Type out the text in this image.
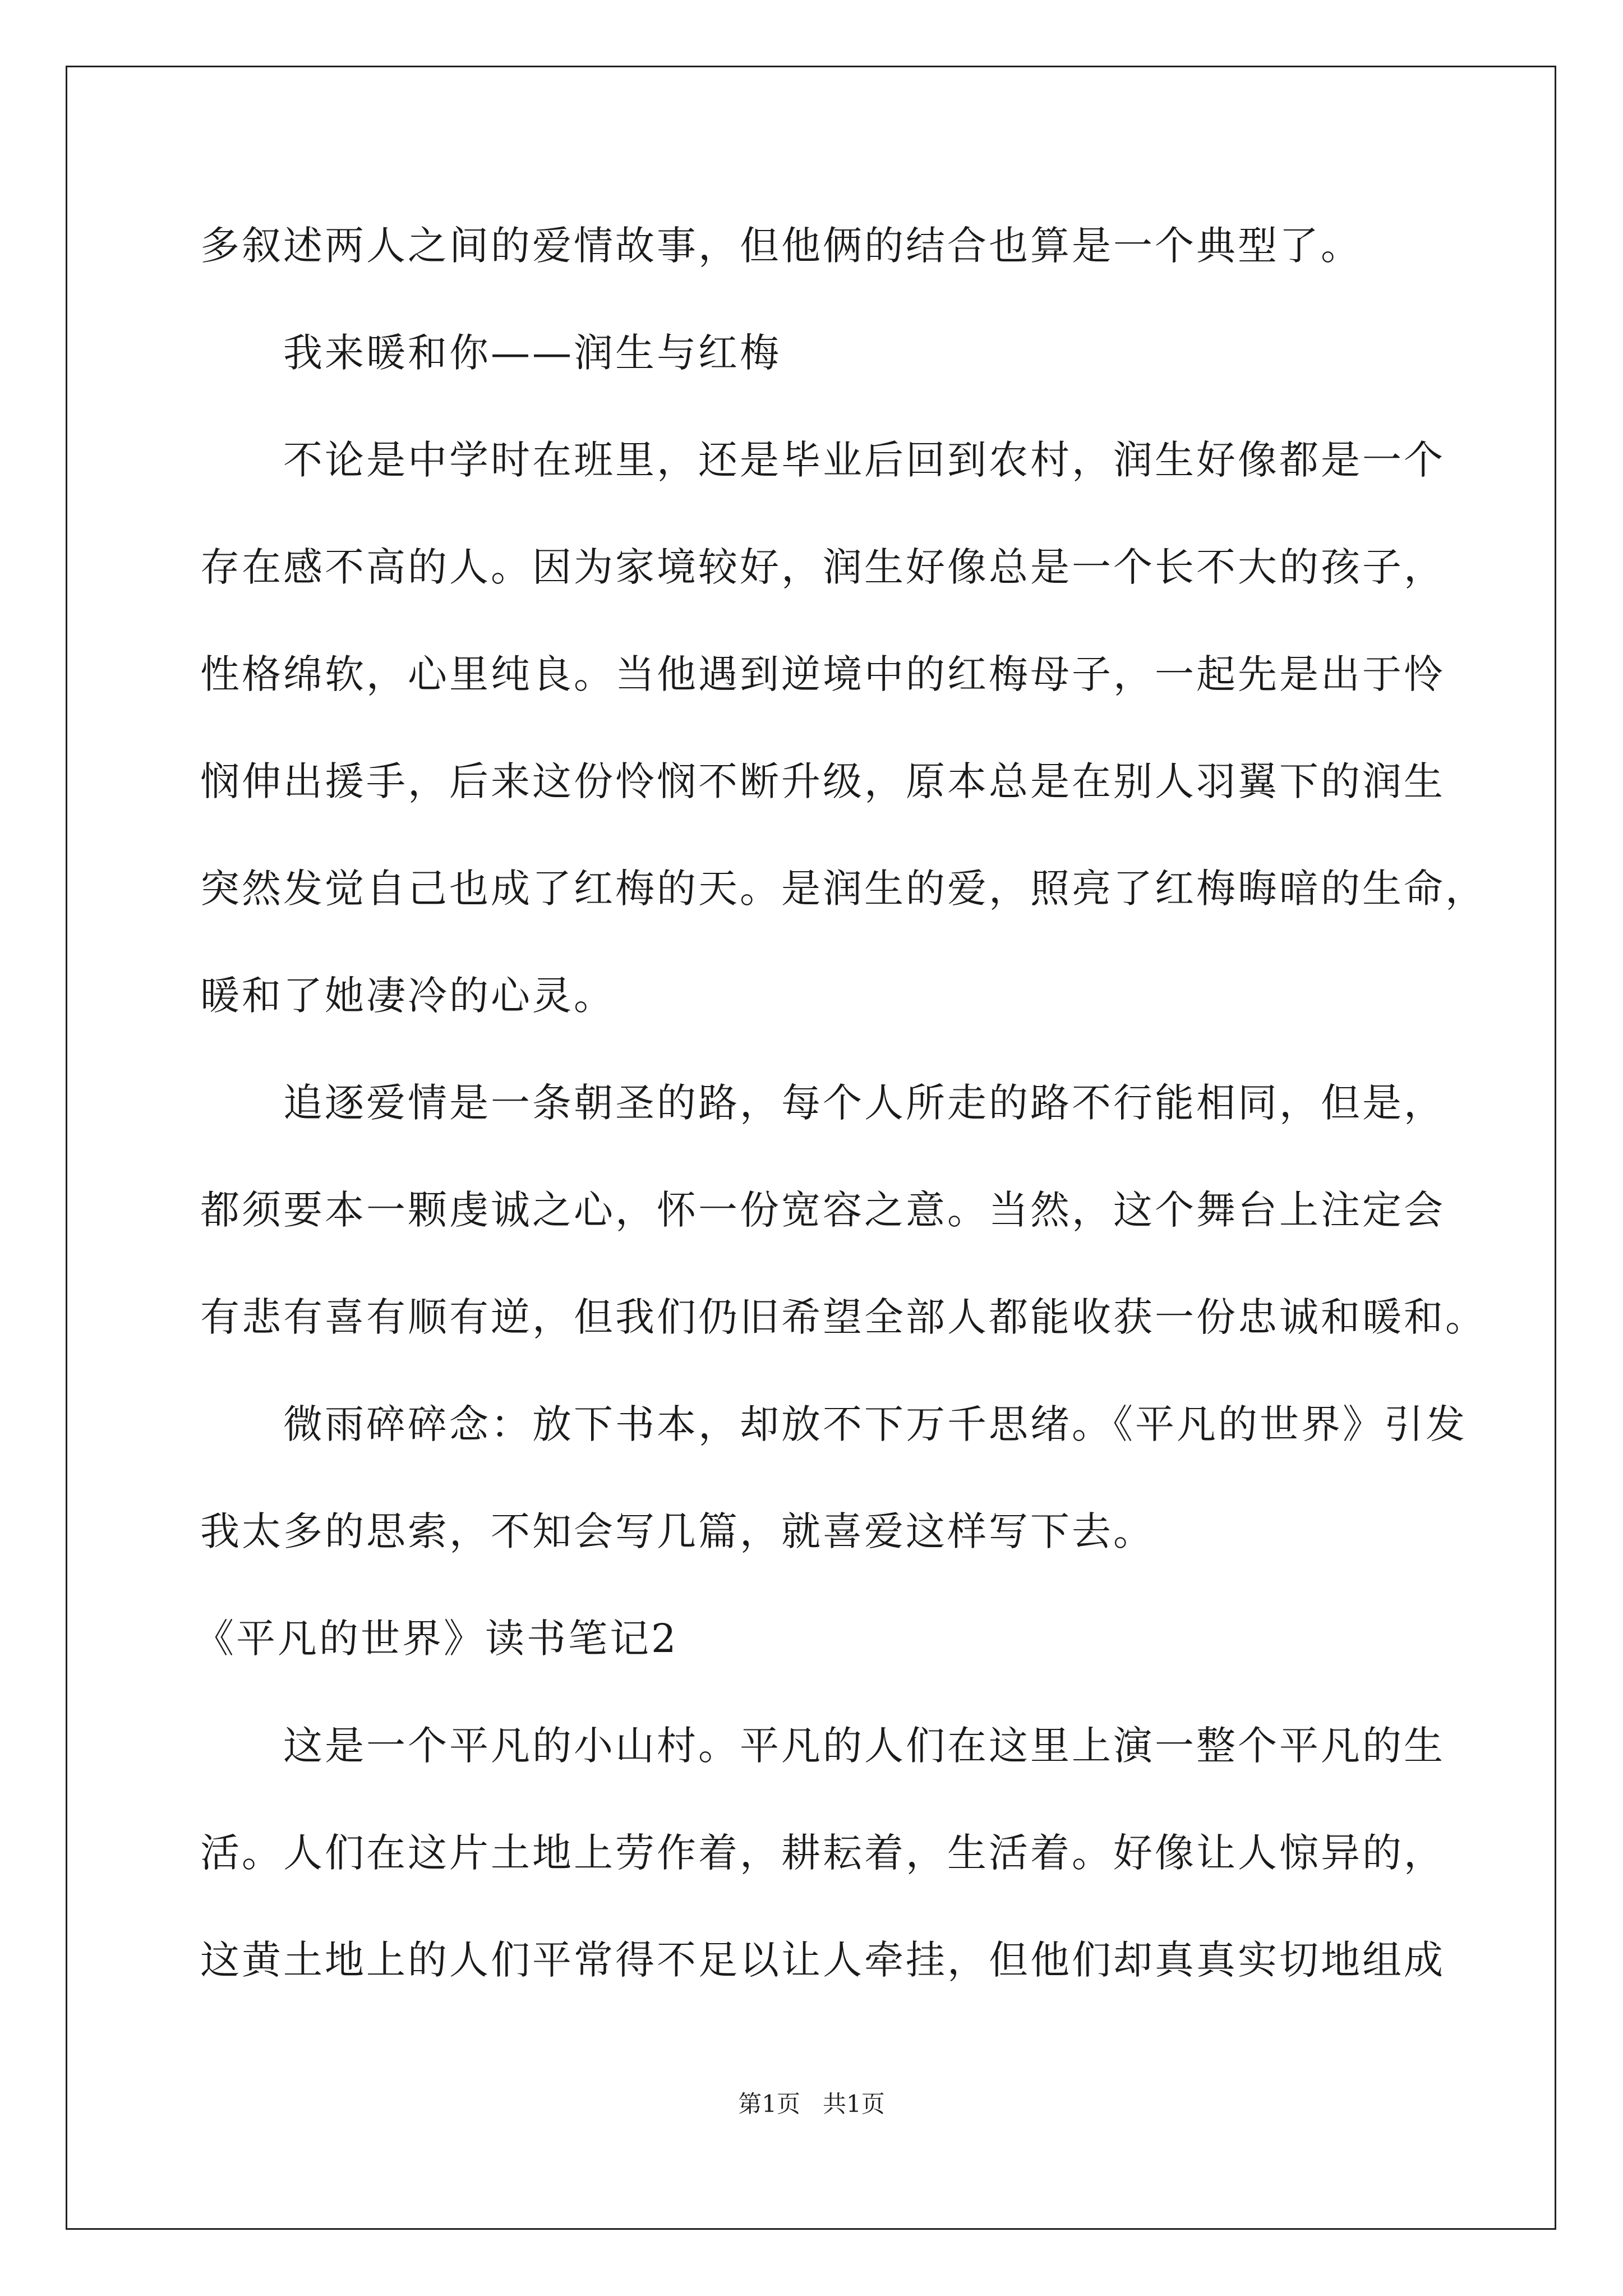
多叙述两人之间的爱情故事，但他俩的结合也算是一个典型了。
我来暖和你——润生与红梅
不论是中学时在班里，还是毕业后回到农村，润生好像都是一个
存在感不高的人。因为家境较好，润生好像总是一个长不大的孩子，
性格绵软，心里纯良。当他遇到逆境中的红梅母子，一起先是出于怜
悯伸出援手，后来这份怜悯不断升级，原本总是在别人羽翼下的润生
突然发觉自己也成了红梅的天。是润生的爱，照亮了红梅晦暗的生命，
暖和了她凄冷的心灵。
追逐爱情是一条朝圣的路，每个人所走的路不行能相同，但是，
都须要本一颗虔诚之心，怀一份宽容之意。当然，这个舞台上注定会
有悲有喜有顺有逆，但我们仍旧希望全部人都能收获一份忠诚和暖和。
微雨碎碎念：放下书本，却放不下万千思绪。《平凡的世界》引发
我太多的思索，不知会写几篇，就喜爱这样写下去。
《平凡的世界》读书笔记2
这是一个平凡的小山村。平凡的人们在这里上演一整个平凡的生
活。人们在这片土地上劳作着，耕耘着，生活着。好像让人惊异的，
这黄土地上的人们平常得不足以让人牵挂，但他们却真真实切地组成
第1页 共1页
